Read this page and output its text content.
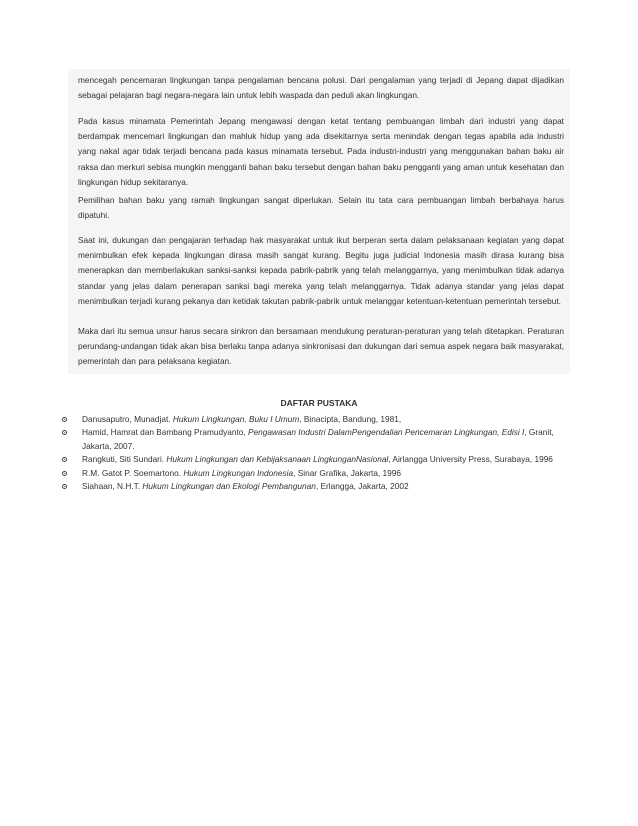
mencegah pencemaran lingkungan tanpa pengalaman bencana polusi. Dari pengalaman yang terjadi di Jepang dapat dijadikan sebagai pelajaran bagi negara-negara lain untuk lebih waspada dan peduli akan lingkungan.

Pada kasus minamata Pemerintah Jepang mengawasi dengan ketat tentang pembuangan limbah dari industri yang dapat berdampak mencemari lingkungan dan mahluk hidup yang ada disekitarnya serta menindak dengan tegas apabila ada industri yang nakal agar tidak terjadi bencana pada kasus minamata tersebut. Pada industri-industri yang menggunakan bahan baku air raksa dan merkuri sebisa mungkin mengganti bahan baku tersebut dengan bahan baku pengganti yang aman untuk kesehatan dan lingkungan hidup sekitaranya.

Pemilihan bahan baku yang ramah lingkungan sangat diperlukan. Selain itu tata cara pembuangan limbah berbahaya harus dipatuhi.

Saat ini, dukungan dan pengajaran terhadap hak masyarakat untuk ikut berperan serta dalam pelaksanaan kegiatan yang dapat menimbulkan efek kepada lingkungan dirasa masih sangat kurang. Begitu juga judicial Indonesia masih dirasa kurang bisa menerapkan dan memberlakukan sanksi-sanksi kepada pabrik-pabrik yang telah melanggarnya, yang menimbulkan tidak adanya standar yang jelas dalam penerapan sanksi bagi mereka yang telah melanggarnya. Tidak adanya standar yang jelas dapat menimbulkan terjadi kurang pekanya dan ketidak takutan pabrik-pabrik untuk melanggar ketentuan-ketentuan pemerintah tersebut.

Maka dari itu semua unsur harus secara sinkron dan bersamaan mendukung peraturan-peraturan yang telah ditetapkan. Peraturan perundang-undangan tidak akan bisa berlaku tanpa adanya sinkronisasi dan dukungan dari semua aspek negara baik masyarakat, pemerintah dan para pelaksana kegiatan.

DAFTAR PUSTAKA
Danusaputro, Munadjat. Hukum Lingkungan, Buku I Umum, Binacipta, Bandung, 1981,
Hamid, Hamrat dan Bambang Pramudyanto, Pengawasan Industri DalamPengendalian Pencemaran Lingkungan, Edisi I, Granit, Jakarta, 2007.
Rangkuti, Siti Sundari. Hukum Lingkungan dan Kebijaksanaan LingkunganNasional, Airlangga University Press, Surabaya, 1996
R.M. Gatot P. Soemartono. Hukum Lingkungan Indonesia, Sinar Grafika, Jakarta, 1996
Siahaan, N.H.T. Hukum Lingkungan dan Ekologi Pembangunan, Erlangga, Jakarta, 2002
